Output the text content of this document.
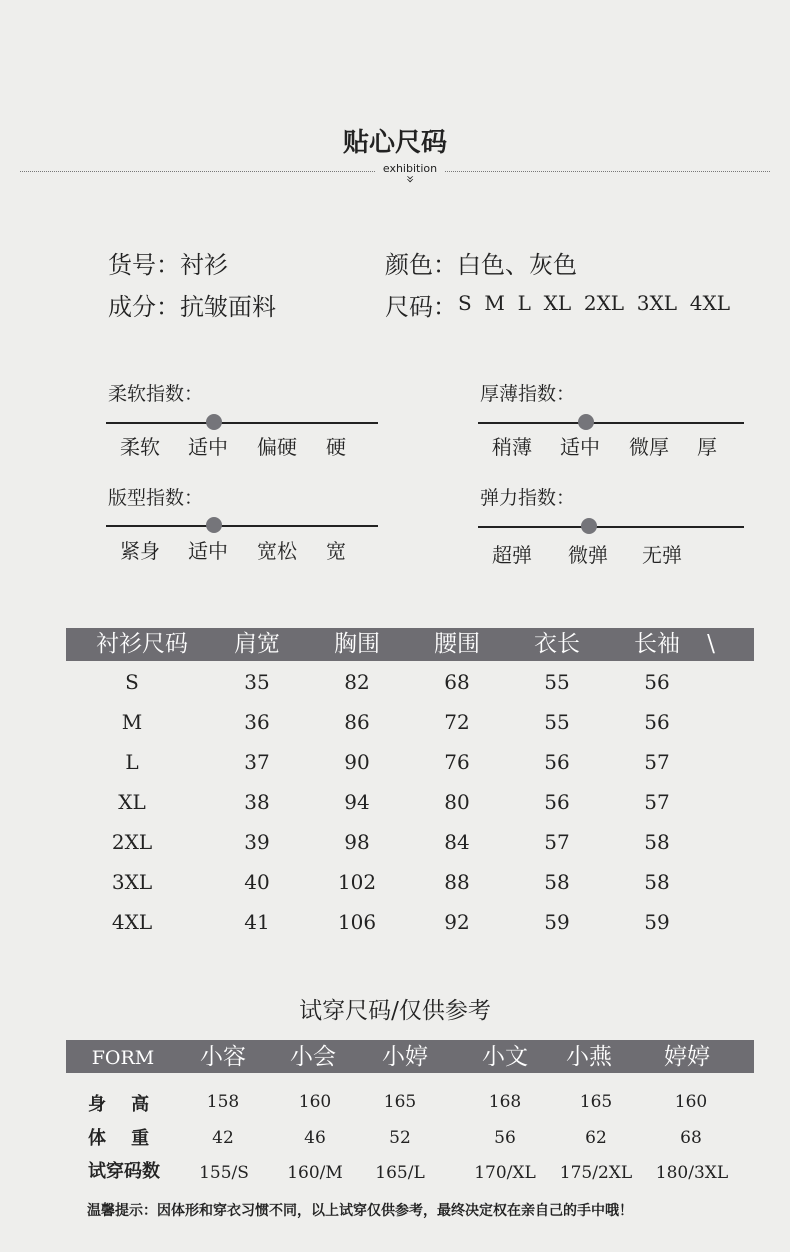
贴心尺码
exhibition
»
货号：衬衫	颜色：白色、灰色
成分：抗皱面料	尺码： S  M  L  XL  2XL  3XL  4XL
柔软指数：
柔软 适中 偏硬 硬
厚薄指数：
稍薄 适中 微厚 厚
版型指数：
紧身 适中 宽松 宽
弹力指数：
超弹 微弹 无弹
衬衫尺码	肩宽	胸围	腰围	衣长	长袖	\
S	35	82	68	55	56
M	36	86	72	55	56
L	37	90	76	56	57
XL	38	94	80	56	57
2XL	39	98	84	57	58
3XL	40	102	88	58	58
4XL	41	106	92	59	59
试穿尺码/仅供参考
FORM	小容	小会	小婷	小文	小燕	婷婷
身    高	158	160	165	168	165	160
体    重	42	46	52	56	62	68
试穿码数	155/S	160/M	165/L	170/XL	175/2XL	180/3XL
温馨提示：因体形和穿衣习惯不同，以上试穿仅供参考，最终决定权在亲自己的手中哦！
